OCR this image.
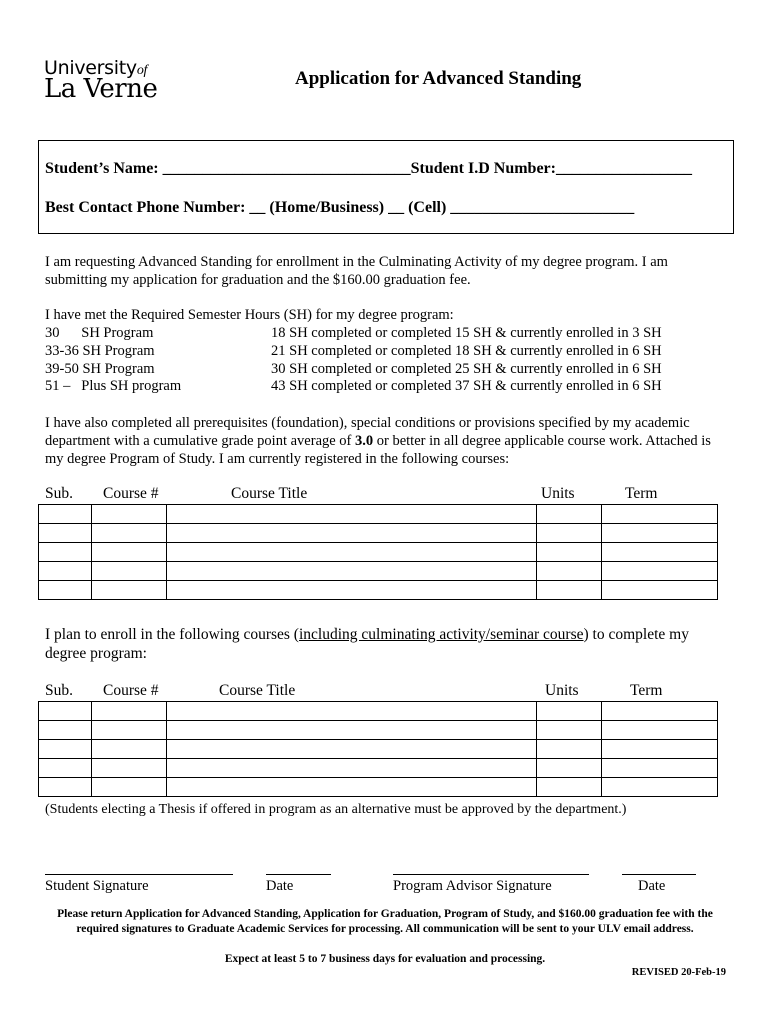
Universityof
La Verne	Application for Advanced Standing
Student’s Name: _______________________________Student I.D Number:_________________
Best Contact Phone Number: __ (Home/Business) __ (Cell) _______________________
I am requesting Advanced Standing for enrollment in the Culminating Activity of my degree program. I am submitting my application for graduation and the $160.00 graduation fee.
I have met the Required Semester Hours (SH) for my degree program:
30      SH Program	18 SH completed or completed 15 SH & currently enrolled in 3 SH
33-36 SH Program	21 SH completed or completed 18 SH & currently enrolled in 6 SH
39-50 SH Program	30 SH completed or completed 25 SH & currently enrolled in 6 SH
51 –   Plus SH program	43 SH completed or completed 37 SH & currently enrolled in 6 SH
I have also completed all prerequisites (foundation), special conditions or provisions specified by my academic department with a cumulative grade point average of 3.0 or better in all degree applicable course work. Attached is my degree Program of Study. I am currently registered in the following courses:
Sub. Course #	Course Title	Units	Term

I plan to enroll in the following courses (including culminating activity/seminar course) to complete my degree program:
Sub. Course #	Course Title	Units	Term

(Students electing a Thesis if offered in program as an alternative must be approved by the department.)
Student Signature	Date	Program Advisor Signature	Date
Please return Application for Advanced Standing, Application for Graduation, Program of Study, and $160.00 graduation fee with the required signatures to Graduate Academic Services for processing. All communication will be sent to your ULV email address.
Expect at least 5 to 7 business days for evaluation and processing.
REVISED 20-Feb-19
